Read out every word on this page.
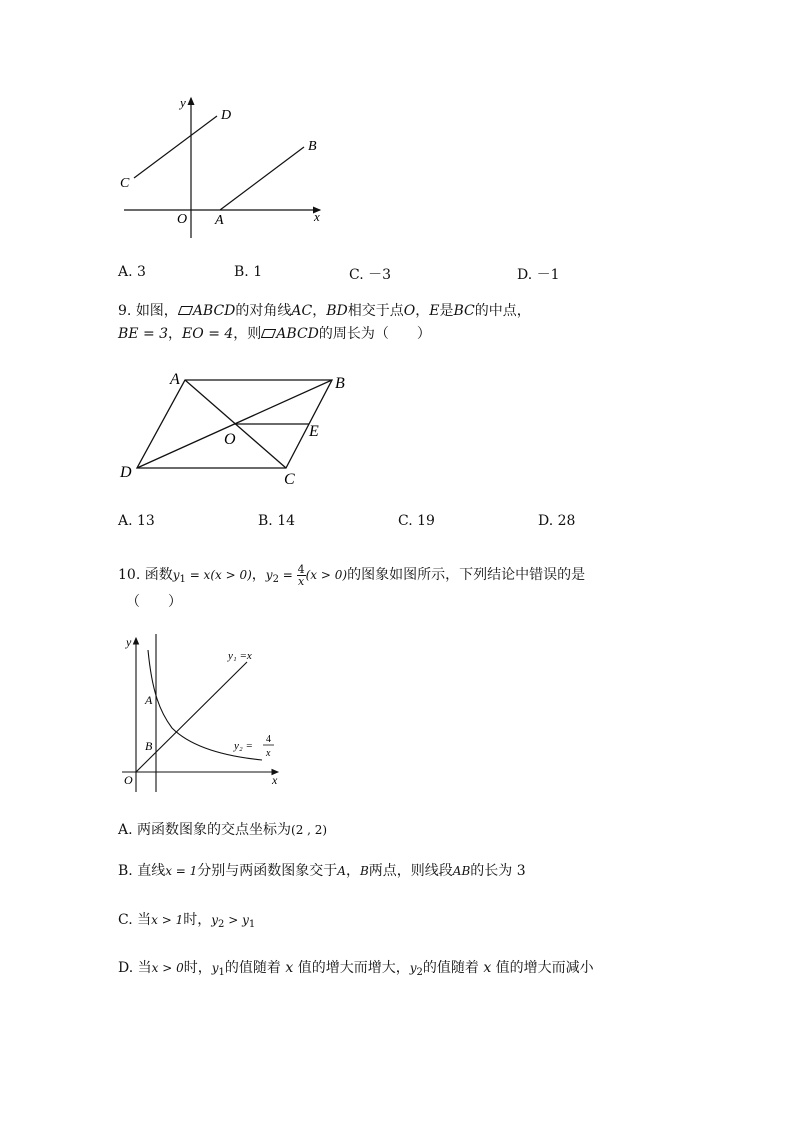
y
x
D
C
B
O A
A. 3	B. 1	C. －3	D. －1
9. 如图， ABCD的对角线AC，BD相交于点O，E是BC的中点，
BE = 3，EO = 4，则 ABCD的周长为（　　）
A	B
O	E
D	C
A. 13	B. 14	C. 19	D. 28
10. 函数$y_1 = x(x > 0)$，$y_2 = \frac{4}{x} (x > 0)$的图象如图所示，下列结论中错误的是
（　　）
y
x
O
A
B
y₁ =x
y₂ =
4
x
A. 两函数图象的交点坐标为(2 , 2)
B. 直线x = 1分别与两函数图象交于A，B两点，则线段AB的长为 3
C. 当x > 1时，$y_2 > y_1$
D. 当x > 0时，$y_1$的值随着 x 值的增大而增大，$y_2$的值随着 x 值的增大而减小
